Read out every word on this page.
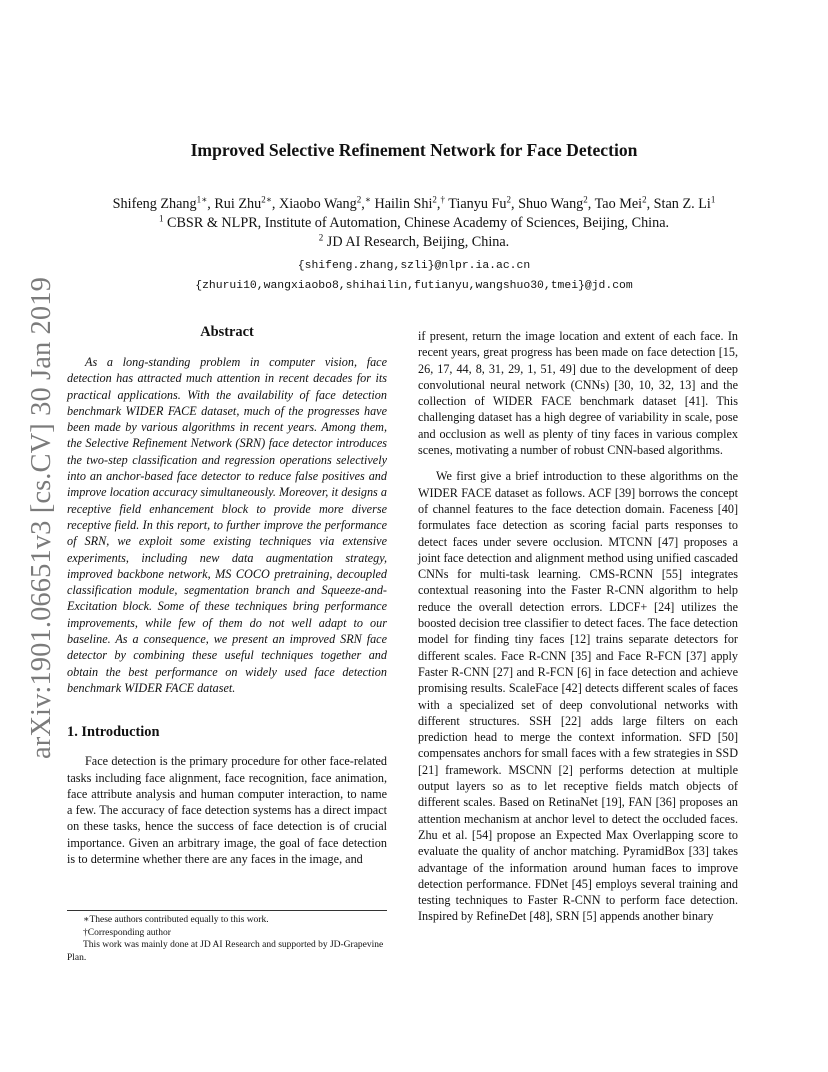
arXiv:1901.06651v3 [cs.CV] 30 Jan 2019
Improved Selective Refinement Network for Face Detection
Shifeng Zhang$^{1∗}$, Rui Zhu$^{2∗}$, Xiaobo Wang$^2$,∗ Hailin Shi$^2$,† Tianyu Fu$^2$, Shuo Wang$^2$, Tao Mei$^2$, Stan Z. Li$^1$
$^1$ CBSR & NLPR, Institute of Automation, Chinese Academy of Sciences, Beijing, China.
$^2$ JD AI Research, Beijing, China.
{shifeng.zhang,szli}@nlpr.ia.ac.cn
{zhurui10,wangxiaobo8,shihailin,futianyu,wangshuo30,tmei}@jd.com
Abstract

As a long-standing problem in computer vision, face detection has attracted much attention in recent decades for its practical applications. With the availability of face detection benchmark WIDER FACE dataset, much of the progresses have been made by various algorithms in recent years. Among them, the Selective Refinement Network (SRN) face detector introduces the two-step classification and regression operations selectively into an anchor-based face detector to reduce false positives and improve location accuracy simultaneously. Moreover, it designs a receptive field enhancement block to provide more diverse receptive field. In this report, to further improve the performance of SRN, we exploit some existing techniques via extensive experiments, including new data augmentation strategy, improved backbone network, MS COCO pretraining, decoupled classification module, segmentation branch and Squeeze-and-Excitation block. Some of these techniques bring performance improvements, while few of them do not well adapt to our baseline. As a consequence, we present an improved SRN face detector by combining these useful techniques together and obtain the best performance on widely used face detection benchmark WIDER FACE dataset.

1. Introduction

Face detection is the primary procedure for other face-related tasks including face alignment, face recognition, face animation, face attribute analysis and human computer interaction, to name a few. The accuracy of face detection systems has a direct impact on these tasks, hence the success of face detection is of crucial importance. Given an arbitrary image, the goal of face detection is to determine whether there are any faces in the image, and

∗These authors contributed equally to this work.
†Corresponding author
This work was mainly done at JD AI Research and supported by JD-Grapevine Plan.

if present, return the image location and extent of each face. In recent years, great progress has been made on face detection [15, 26, 17, 44, 8, 31, 29, 1, 51, 49] due to the development of deep convolutional neural network (CNNs) [30, 10, 32, 13] and the collection of WIDER FACE benchmark dataset [41]. This challenging dataset has a high degree of variability in scale, pose and occlusion as well as plenty of tiny faces in various complex scenes, motivating a number of robust CNN-based algorithms.

We first give a brief introduction to these algorithms on the WIDER FACE dataset as follows. ACF [39] borrows the concept of channel features to the face detection domain. Faceness [40] formulates face detection as scoring facial parts responses to detect faces under severe occlusion. MTCNN [47] proposes a joint face detection and alignment method using unified cascaded CNNs for multi-task learning. CMS-RCNN [55] integrates contextual reasoning into the Faster R-CNN algorithm to help reduce the overall detection errors. LDCF+ [24] utilizes the boosted decision tree classifier to detect faces. The face detection model for finding tiny faces [12] trains separate detectors for different scales. Face R-CNN [35] and Face R-FCN [37] apply Faster R-CNN [27] and R-FCN [6] in face detection and achieve promising results. ScaleFace [42] detects different scales of faces with a specialized set of deep convolutional networks with different structures. SSH [22] adds large filters on each prediction head to merge the context information. SFD [50] compensates anchors for small faces with a few strategies in SSD [21] framework. MSCNN [2] performs detection at multiple output layers so as to let receptive fields match objects of different scales. Based on RetinaNet [19], FAN [36] proposes an attention mechanism at anchor level to detect the occluded faces. Zhu et al. [54] propose an Expected Max Overlapping score to evaluate the quality of anchor matching. PyramidBox [33] takes advantage of the information around human faces to improve detection performance. FDNet [45] employs several training and testing techniques to Faster R-CNN to perform face detection. Inspired by RefineDet [48], SRN [5] appends another binary
